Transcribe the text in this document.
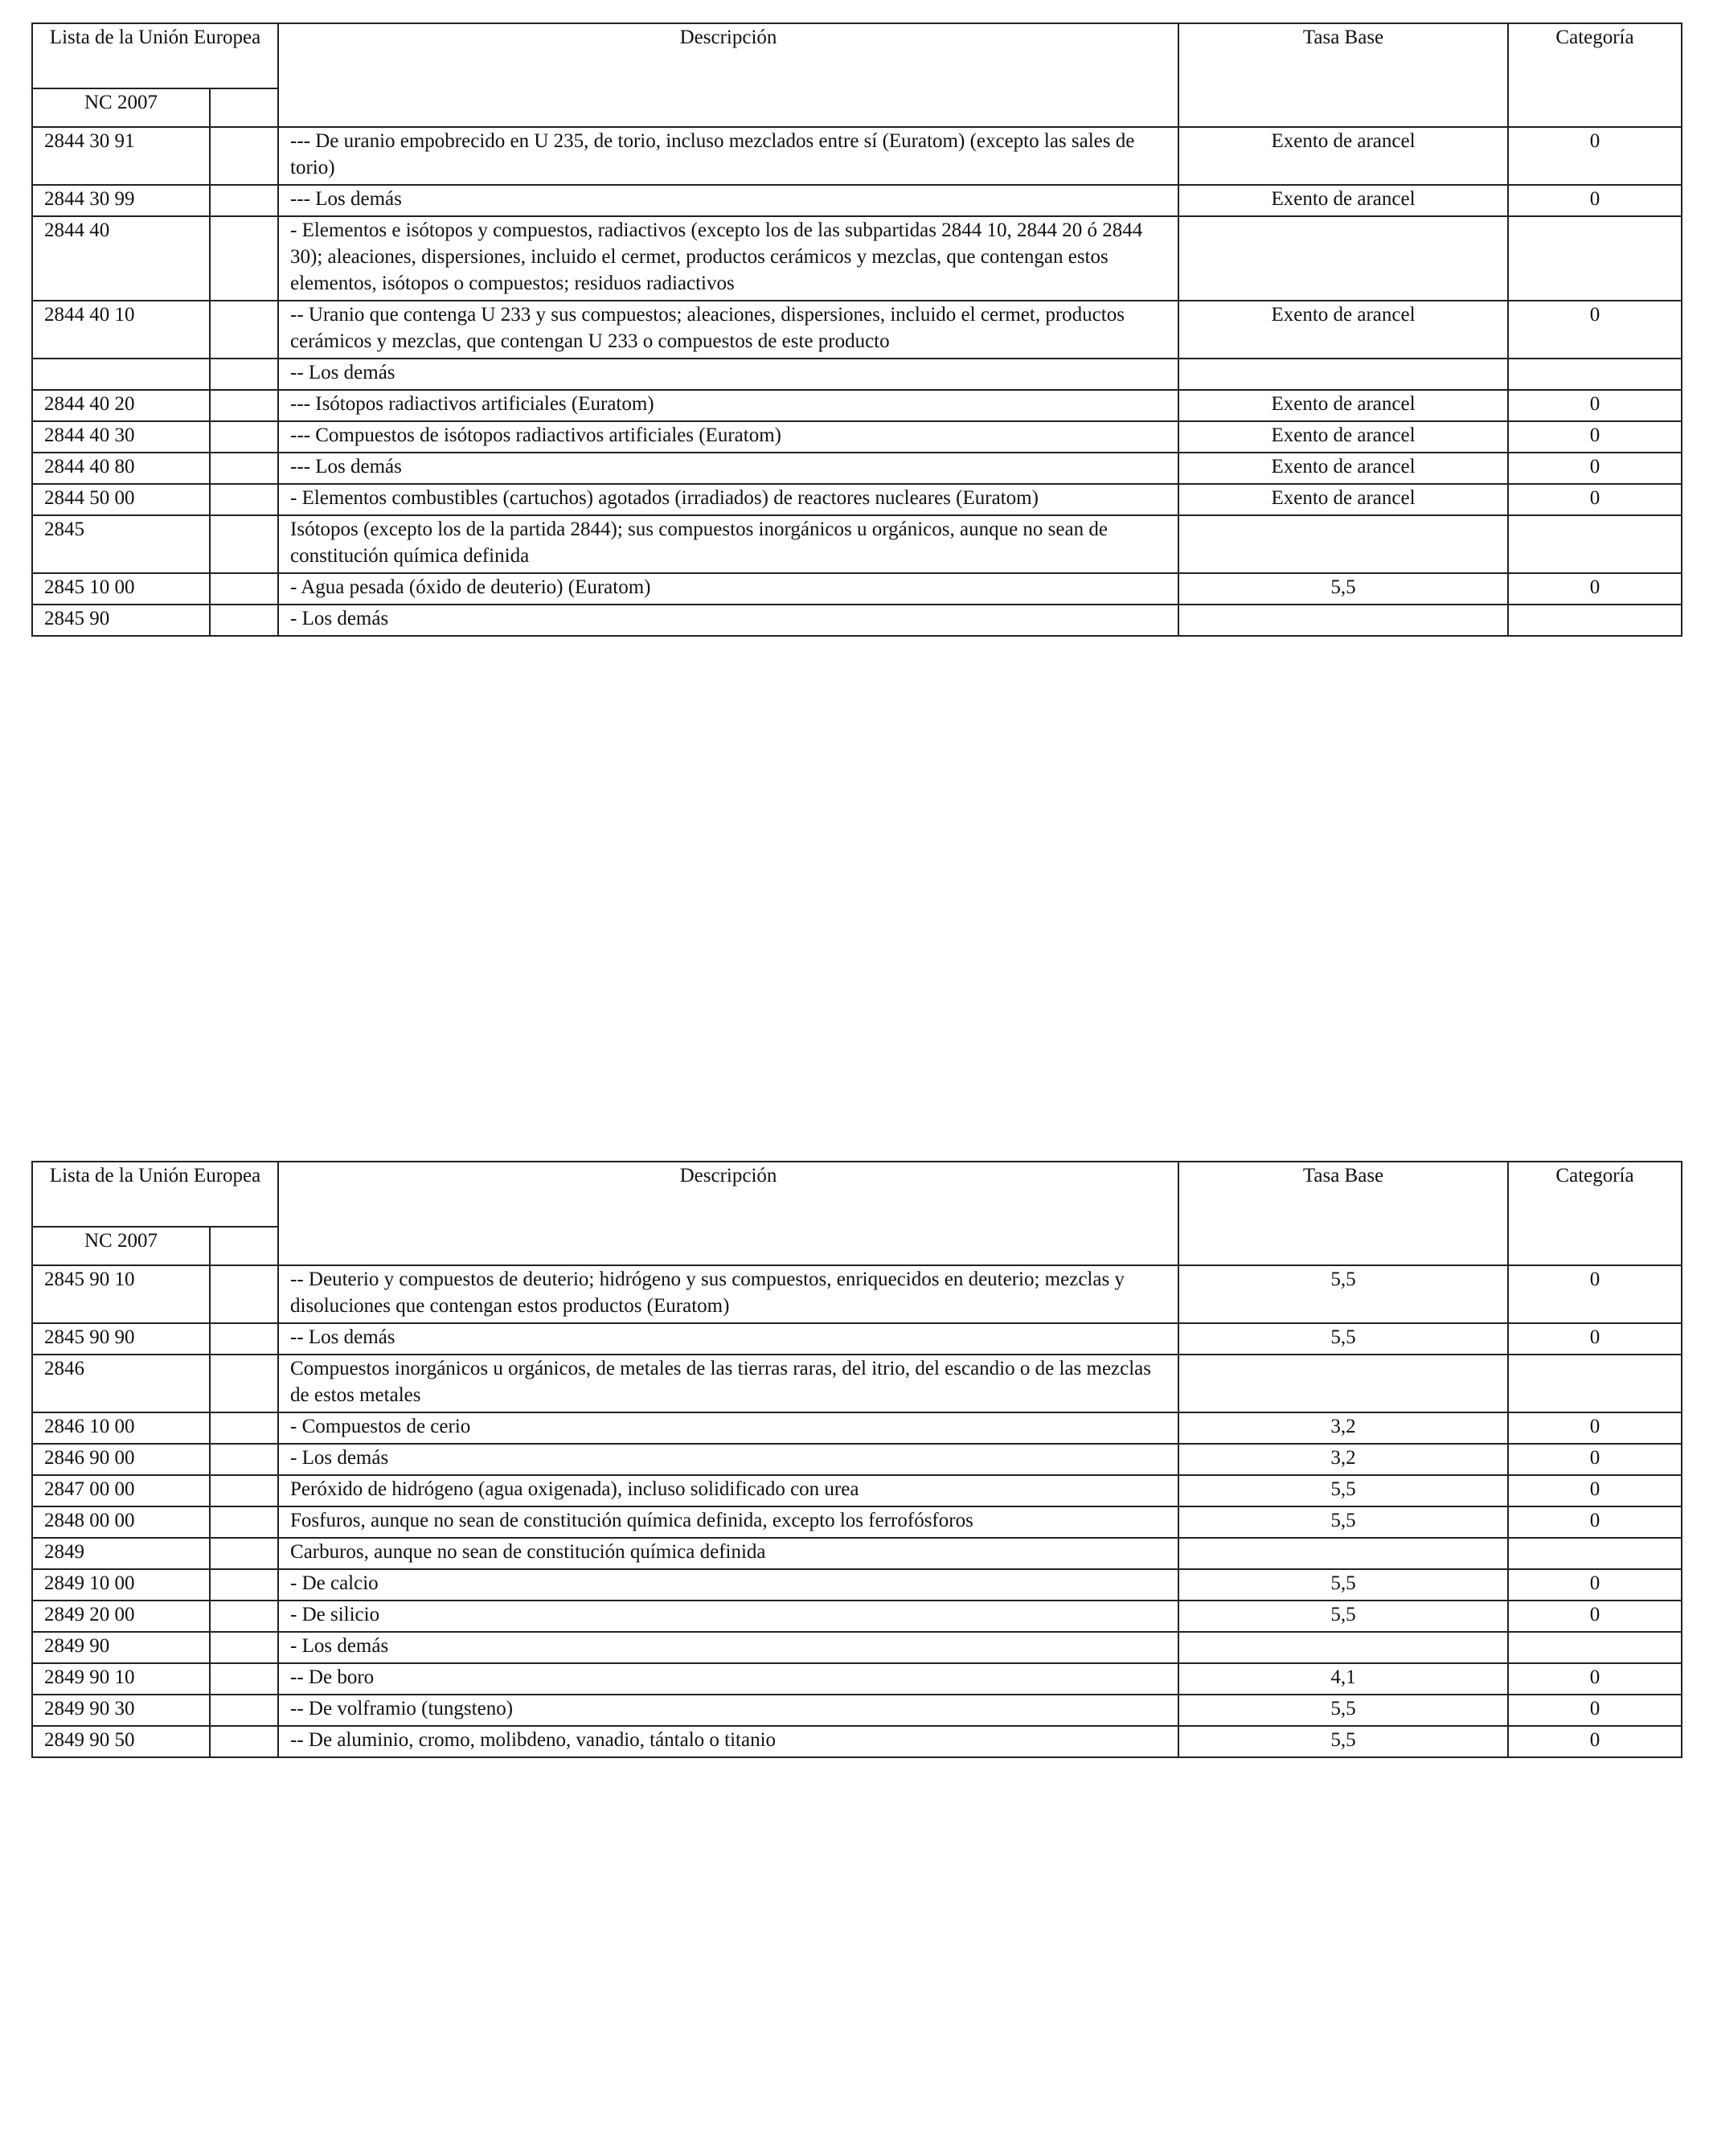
Lista de la Unión Europea		Descripción	Tasa Base	Categoría
NC 2007				
2844 30 91		--- De uranio empobrecido en U 235, de torio, incluso mezclados entre sí (Euratom) (excepto las sales de torio)	Exento de arancel	0
2844 30 99		--- Los demás	Exento de arancel	0
2844 40		- Elementos e isótopos y compuestos, radiactivos (excepto los de las subpartidas 2844 10, 2844 20 ó 2844 30); aleaciones, dispersiones, incluido el cermet, productos cerámicos y mezclas, que contengan estos elementos, isótopos o compuestos; residuos radiactivos		
2844 40 10		-- Uranio que contenga U 233 y sus compuestos; aleaciones, dispersiones, incluido el cermet, productos cerámicos y mezclas, que contengan U 233 o compuestos de este producto	Exento de arancel	0
		-- Los demás		
2844 40 20		--- Isótopos radiactivos artificiales (Euratom)	Exento de arancel	0
2844 40 30		--- Compuestos de isótopos radiactivos artificiales (Euratom)	Exento de arancel	0
2844 40 80		--- Los demás	Exento de arancel	0
2844 50 00		- Elementos combustibles (cartuchos) agotados (irradiados) de reactores nucleares (Euratom)	Exento de arancel	0
2845		Isótopos (excepto los de la partida 2844); sus compuestos inorgánicos u orgánicos, aunque no sean de constitución química definida		
2845 10 00		- Agua pesada (óxido de deuterio) (Euratom)	5,5	0
2845 90		- Los demás		
Lista de la Unión Europea		Descripción	Tasa Base	Categoría
NC 2007				
2845 90 10		-- Deuterio y compuestos de deuterio; hidrógeno y sus compuestos, enriquecidos en deuterio; mezclas y disoluciones que contengan estos productos (Euratom)	5,5	0
2845 90 90		-- Los demás	5,5	0
2846		Compuestos inorgánicos u orgánicos, de metales de las tierras raras, del itrio, del escandio o de las mezclas de estos metales		
2846 10 00		- Compuestos de cerio	3,2	0
2846 90 00		- Los demás	3,2	0
2847 00 00		Peróxido de hidrógeno (agua oxigenada), incluso solidificado con urea	5,5	0
2848 00 00		Fosfuros, aunque no sean de constitución química definida, excepto los ferrofósforos	5,5	0
2849		Carburos, aunque no sean de constitución química definida		
2849 10 00		- De calcio	5,5	0
2849 20 00		- De silicio	5,5	0
2849 90		- Los demás		
2849 90 10		-- De boro	4,1	0
2849 90 30		-- De volframio (tungsteno)	5,5	0
2849 90 50		-- De aluminio, cromo, molibdeno, vanadio, tántalo o titanio	5,5	0
